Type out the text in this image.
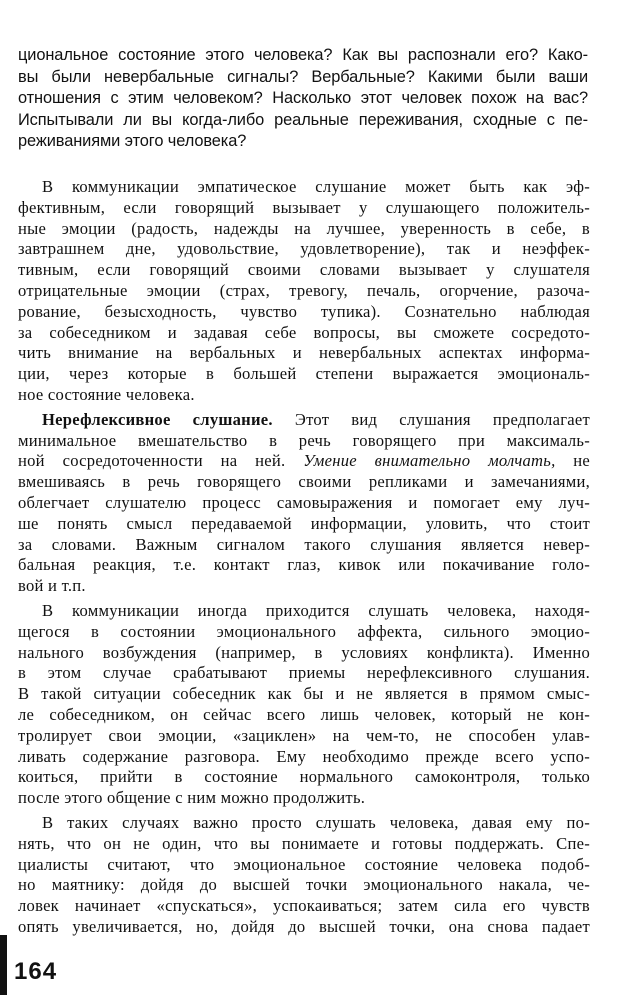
циональное состояние этого человека? Как вы распознали его? Како-
вы были невербальные сигналы? Вербальные? Какими были ваши
отношения с этим человеком? Насколько этот человек похож на вас?
Испытывали ли вы когда-либо реальные переживания, сходные с пе-
реживаниями этого человека?
В коммуникации эмпатическое слушание может быть как эф-
фективным, если говорящий вызывает у слушающего положитель-
ные эмоции (радость, надежды на лучшее, уверенность в себе, в
завтрашнем дне, удовольствие, удовлетворение), так и неэффек-
тивным, если говорящий своими словами вызывает у слушателя
отрицательные эмоции (страх, тревогу, печаль, огорчение, разоча-
рование, безысходность, чувство тупика). Сознательно наблюдая
за собеседником и задавая себе вопросы, вы сможете сосредото-
чить внимание на вербальных и невербальных аспектах информа-
ции, через которые в большей степени выражается эмоциональ-
ное состояние человека.
Нерефлексивное слушание. Этот вид слушания предполагает
минимальное вмешательство в речь говорящего при максималь-
ной сосредоточенности на ней. Умение внимательно молчать, не
вмешиваясь в речь говорящего своими репликами и замечаниями,
облегчает слушателю процесс самовыражения и помогает ему луч-
ше понять смысл передаваемой информации, уловить, что стоит
за словами. Важным сигналом такого слушания является невер-
бальная реакция, т.е. контакт глаз, кивок или покачивание голо-
вой и т.п.
В коммуникации иногда приходится слушать человека, находя-
щегося в состоянии эмоционального аффекта, сильного эмоцио-
нального возбуждения (например, в условиях конфликта). Именно
в этом случае срабатывают приемы нерефлексивного слушания.
В такой ситуации собеседник как бы и не является в прямом смыс-
ле собеседником, он сейчас всего лишь человек, который не кон-
тролирует свои эмоции, «зациклен» на чем-то, не способен улав-
ливать содержание разговора. Ему необходимо прежде всего успо-
коиться, прийти в состояние нормального самоконтроля, только
после этого общение с ним можно продолжить.
В таких случаях важно просто слушать человека, давая ему по-
нять, что он не один, что вы понимаете и готовы поддержать. Спе-
циалисты считают, что эмоциональное состояние человека подоб-
но маятнику: дойдя до высшей точки эмоционального накала, че-
ловек начинает «спускаться», успокаиваться; затем сила его чувств
опять увеличивается, но, дойдя до высшей точки, она снова падает
164
